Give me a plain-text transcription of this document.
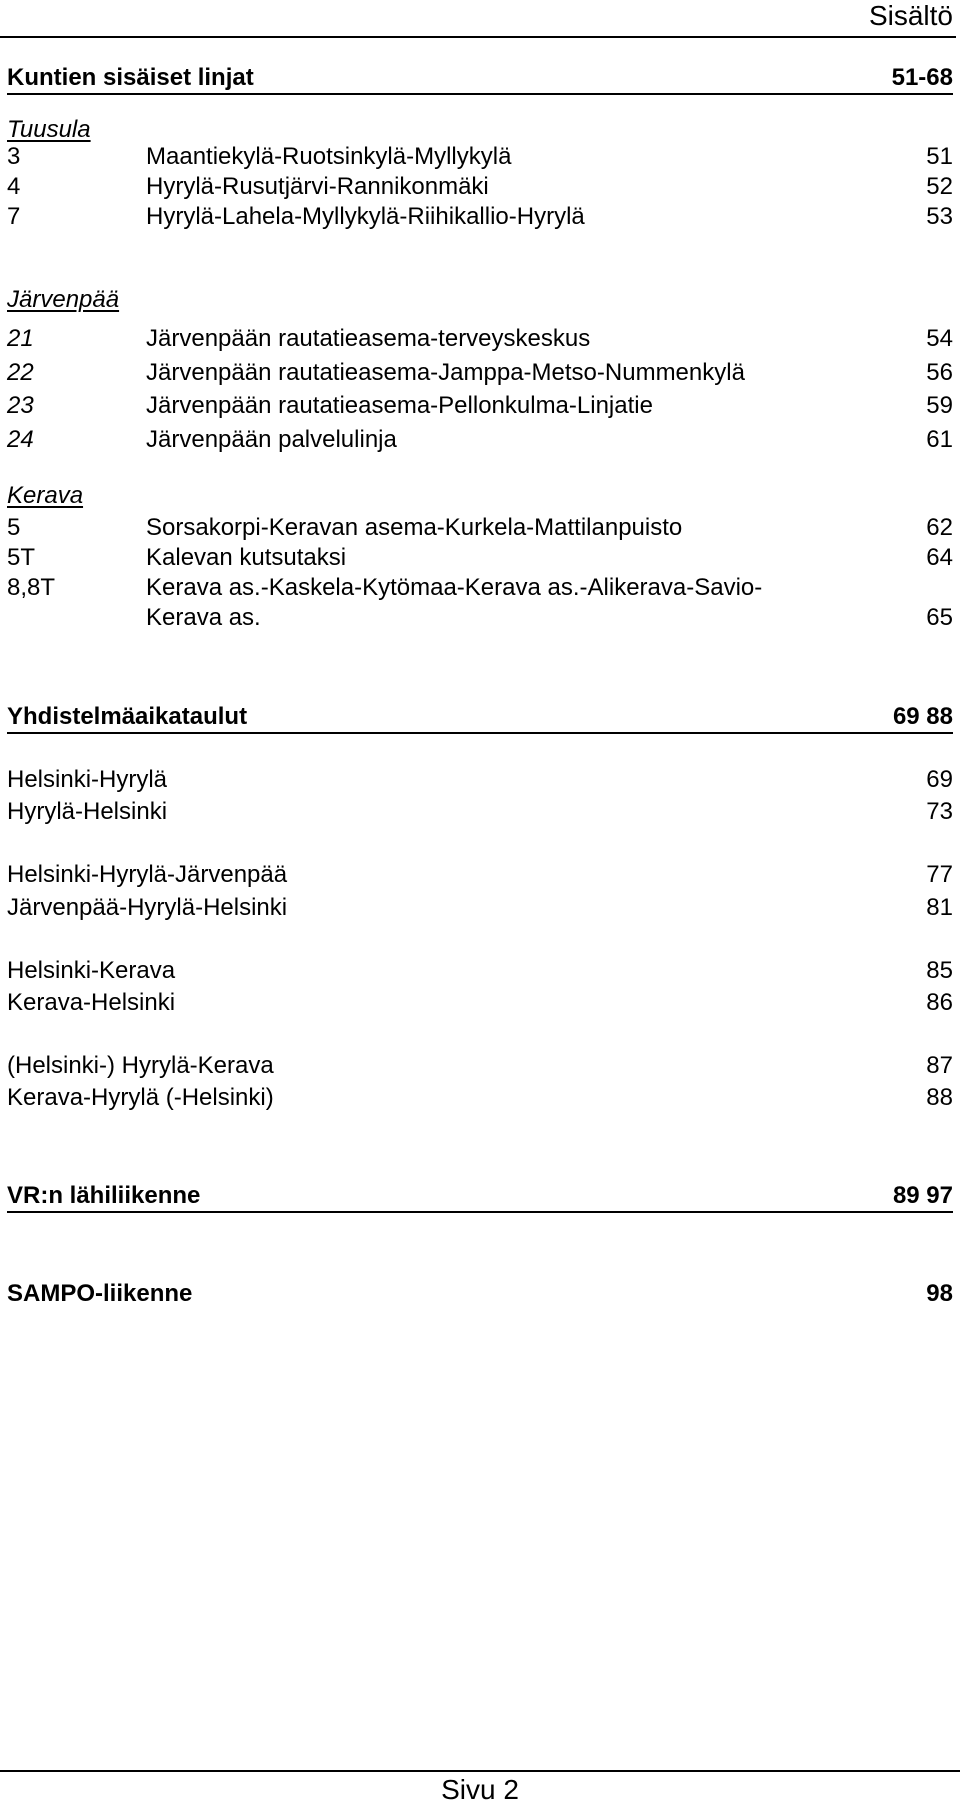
Sisältö
Kuntien sisäiset linjat	51-68
Tuusula
3	Maantiekylä-Ruotsinkylä-Myllykylä	51
4	Hyrylä-Rusutjärvi-Rannikonmäki	52
7	Hyrylä-Lahela-Myllykylä-Riihikallio-Hyrylä	53
Järvenpää
21	Järvenpään rautatieasema-terveyskeskus	54
22	Järvenpään rautatieasema-Jamppa-Metso-Nummenkylä	56
23	Järvenpään rautatieasema-Pellonkulma-Linjatie	59
24	Järvenpään palvelulinja	61
Kerava
5	Sorsakorpi-Keravan asema-Kurkela-Mattilanpuisto	62
5T	Kalevan kutsutaksi	64
8,8T	Kerava as.-Kaskela-Kytömaa-Kerava as.-Alikerava-Savio-
Kerava as.	65
Yhdistelmäaikataulut	69 88
Helsinki-Hyrylä	69
Hyrylä-Helsinki	73
Helsinki-Hyrylä-Järvenpää	77
Järvenpää-Hyrylä-Helsinki	81
Helsinki-Kerava	85
Kerava-Helsinki	86
(Helsinki-) Hyrylä-Kerava	87
Kerava-Hyrylä (-Helsinki)	88
VR:n lähiliikenne	89 97
SAMPO-liikenne	98
Sivu 2
